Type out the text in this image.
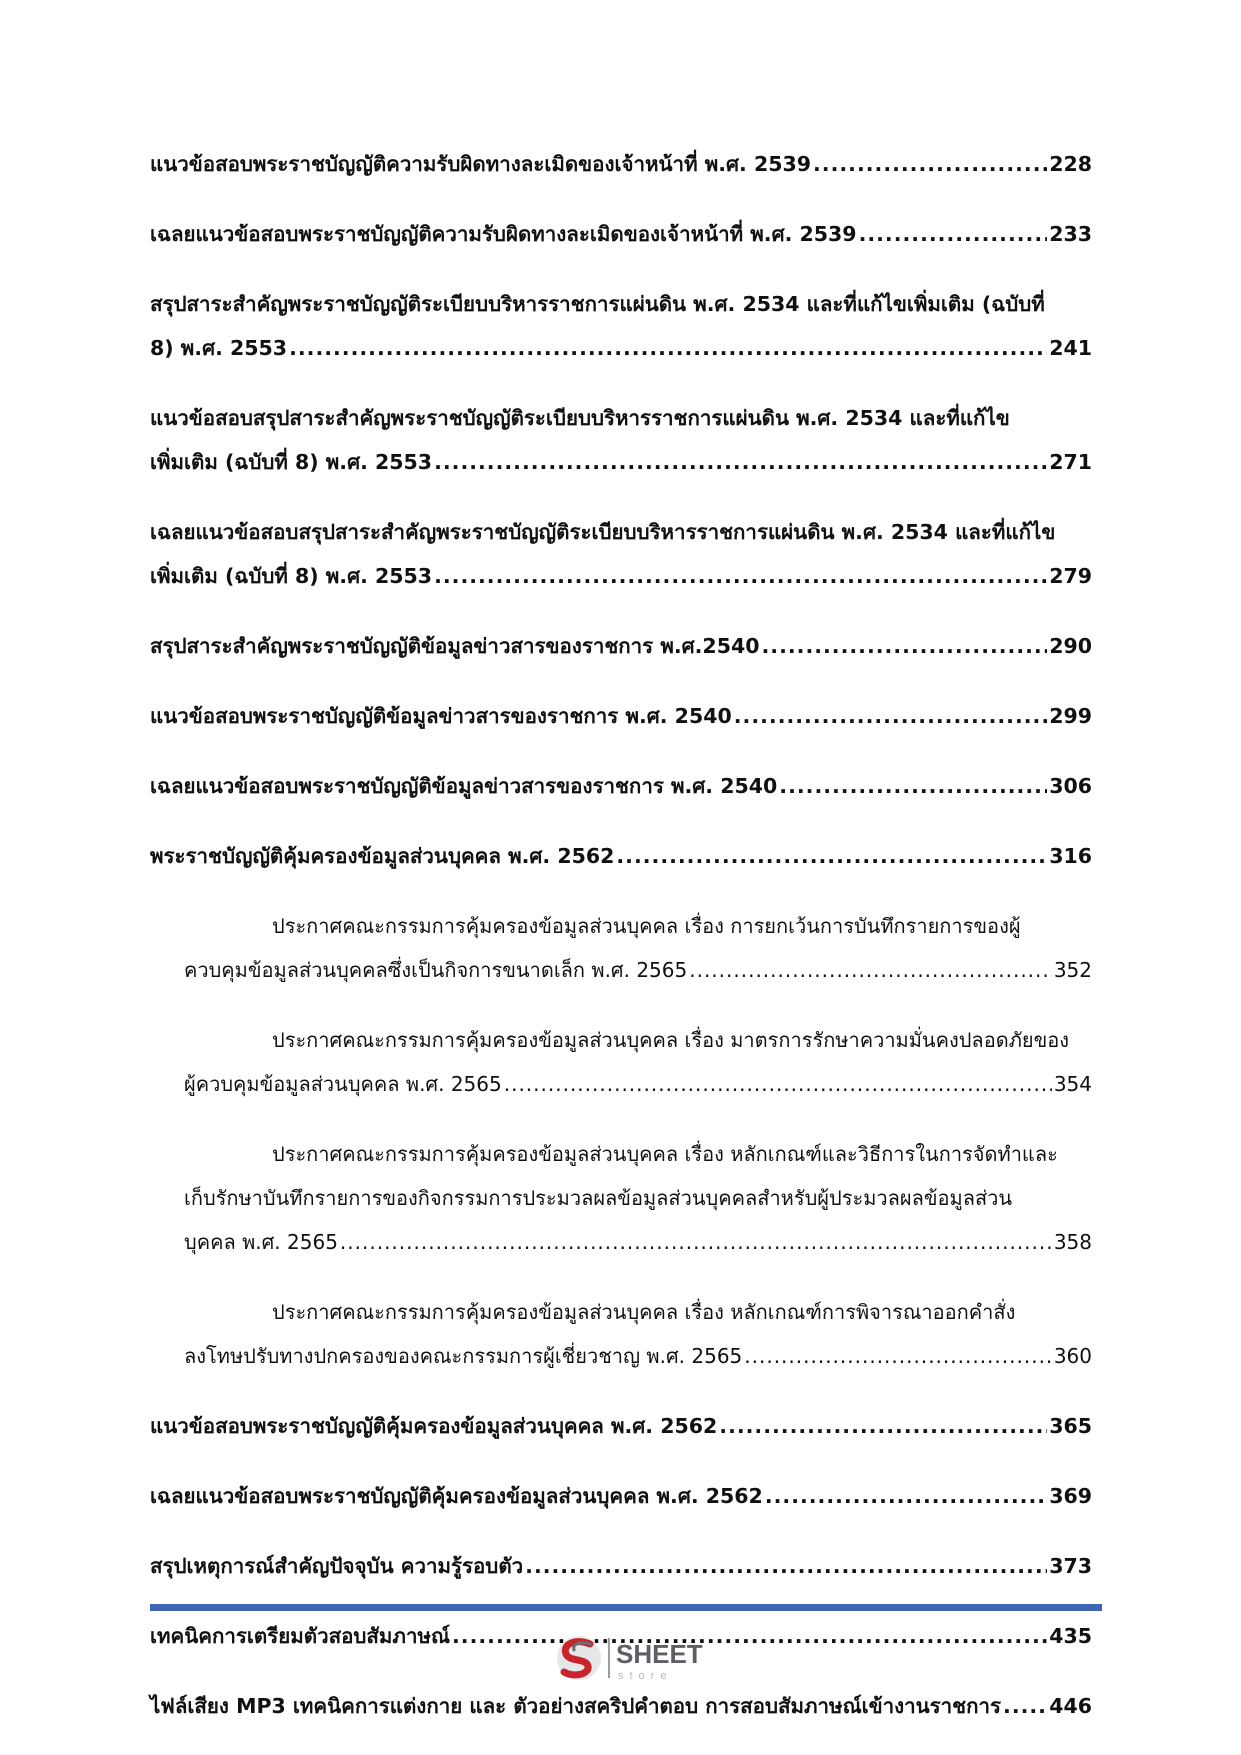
แนวข้อสอบพระราชบัญญัติความรับผิดทางละเมิดของเจ้าหน้าที่ พ.ศ. 2539 .....	228
เฉลยแนวข้อสอบพระราชบัญญัติความรับผิดทางละเมิดของเจ้าหน้าที่ พ.ศ. 2539 .....	233
สรุปสาระสำคัญพระราชบัญญัติระเบียบบริหารราชการแผ่นดิน พ.ศ. 2534 และที่แก้ไขเพิ่มเติม (ฉบับที่
8) พ.ศ. 2553 .....	241
แนวข้อสอบสรุปสาระสำคัญพระราชบัญญัติระเบียบบริหารราชการแผ่นดิน พ.ศ. 2534 และที่แก้ไข
เพิ่มเติม (ฉบับที่ 8) พ.ศ. 2553 .....	271
เฉลยแนวข้อสอบสรุปสาระสำคัญพระราชบัญญัติระเบียบบริหารราชการแผ่นดิน พ.ศ. 2534 และที่แก้ไข
เพิ่มเติม (ฉบับที่ 8) พ.ศ. 2553 .....	279
สรุปสาระสำคัญพระราชบัญญัติข้อมูลข่าวสารของราชการ พ.ศ.2540 .....	290
แนวข้อสอบพระราชบัญญัติข้อมูลข่าวสารของราชการ พ.ศ. 2540 .....	299
เฉลยแนวข้อสอบพระราชบัญญัติข้อมูลข่าวสารของราชการ พ.ศ. 2540 .....	306
พระราชบัญญัติคุ้มครองข้อมูลส่วนบุคคล พ.ศ. 2562 .....	316
ประกาศคณะกรรมการคุ้มครองข้อมูลส่วนบุคคล เรื่อง การยกเว้นการบันทึกรายการของผู้
ควบคุมข้อมูลส่วนบุคคลซึ่งเป็นกิจการขนาดเล็ก พ.ศ. 2565 .....	352
ประกาศคณะกรรมการคุ้มครองข้อมูลส่วนบุคคล เรื่อง มาตรการรักษาความมั่นคงปลอดภัยของ
ผู้ควบคุมข้อมูลส่วนบุคคล พ.ศ. 2565 .....	354
ประกาศคณะกรรมการคุ้มครองข้อมูลส่วนบุคคล เรื่อง หลักเกณฑ์และวิธีการในการจัดทำและ
เก็บรักษาบันทึกรายการของกิจกรรมการประมวลผลข้อมูลส่วนบุคคลสำหรับผู้ประมวลผลข้อมูลส่วน
บุคคล พ.ศ. 2565 .....	358
ประกาศคณะกรรมการคุ้มครองข้อมูลส่วนบุคคล เรื่อง หลักเกณฑ์การพิจารณาออกคำสั่ง
ลงโทษปรับทางปกครองของคณะกรรมการผู้เชี่ยวชาญ พ.ศ. 2565 .....	360
แนวข้อสอบพระราชบัญญัติคุ้มครองข้อมูลส่วนบุคคล พ.ศ. 2562 .....	365
เฉลยแนวข้อสอบพระราชบัญญัติคุ้มครองข้อมูลส่วนบุคคล พ.ศ. 2562 .....	369
สรุปเหตุการณ์สำคัญปัจจุบัน ความรู้รอบตัว .....	373
เทคนิคการเตรียมตัวสอบสัมภาษณ์ .....	435
ไฟล์เสียง MP3 เทคนิคการแต่งกาย และ ตัวอย่างสคริปคำตอบ การสอบสัมภาษณ์เข้างานราชการ ..... 446
SHEET
store
